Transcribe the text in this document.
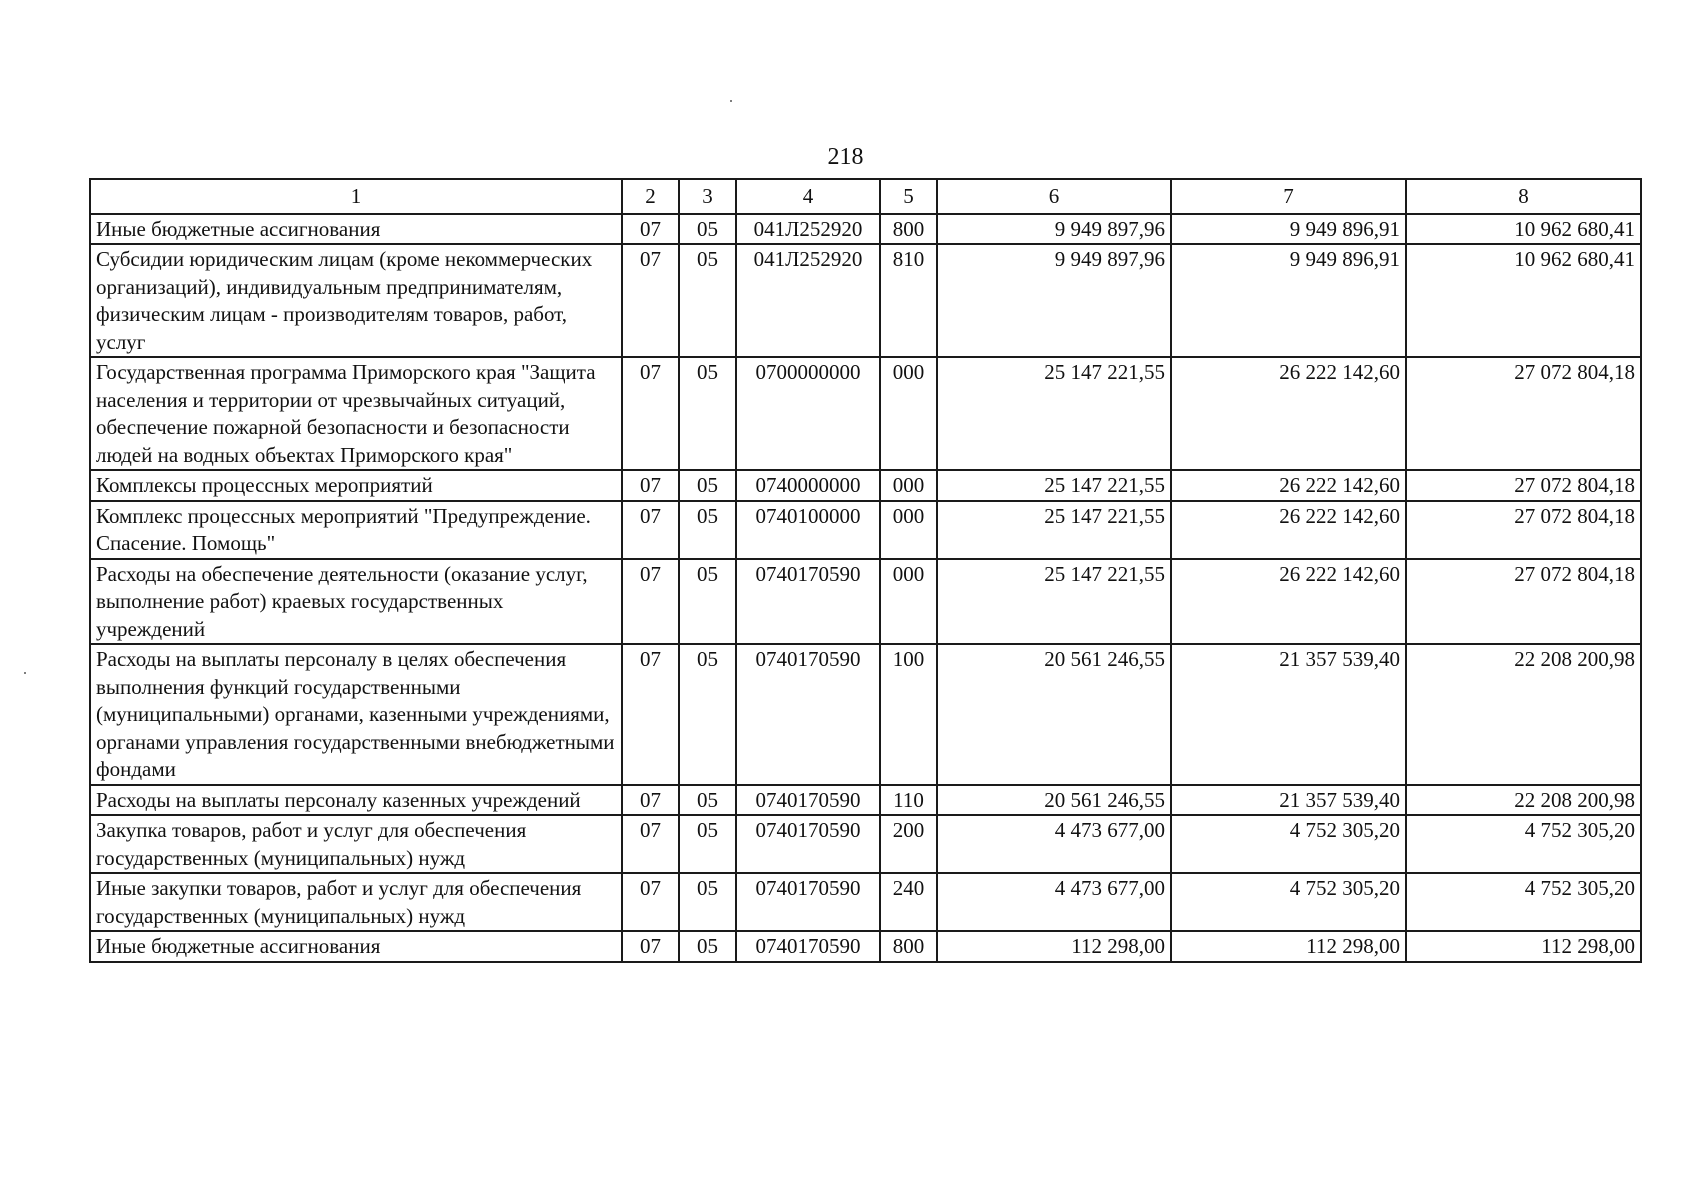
218
1	2	3	4	5	6	7	8
Иные бюджетные ассигнования	07	05	041Л252920	800	9 949 897,96	9 949 896,91	10 962 680,41
Субсидии юридическим лицам (кроме некоммерческих организаций), индивидуальным предпринимателям, физическим лицам - производителям товаров, работ, услуг	07	05	041Л252920	810	9 949 897,96	9 949 896,91	10 962 680,41
Государственная программа Приморского края "Защита населения и территории от чрезвычайных ситуаций, обеспечение пожарной безопасности и безопасности людей на водных объектах Приморского края"	07	05	0700000000	000	25 147 221,55	26 222 142,60	27 072 804,18
Комплексы процессных мероприятий	07	05	0740000000	000	25 147 221,55	26 222 142,60	27 072 804,18
Комплекс процессных мероприятий "Предупреждение. Спасение. Помощь"	07	05	0740100000	000	25 147 221,55	26 222 142,60	27 072 804,18
Расходы на обеспечение деятельности (оказание услуг, выполнение работ) краевых государственных учреждений	07	05	0740170590	000	25 147 221,55	26 222 142,60	27 072 804,18
Расходы на выплаты персоналу в целях обеспечения выполнения функций государственными (муниципальными) органами, казенными учреждениями, органами управления государственными внебюджетными фондами	07	05	0740170590	100	20 561 246,55	21 357 539,40	22 208 200,98
Расходы на выплаты персоналу казенных учреждений	07	05	0740170590	110	20 561 246,55	21 357 539,40	22 208 200,98
Закупка товаров, работ и услуг для обеспечения государственных (муниципальных) нужд	07	05	0740170590	200	4 473 677,00	4 752 305,20	4 752 305,20
Иные закупки товаров, работ и услуг для обеспечения государственных (муниципальных) нужд	07	05	0740170590	240	4 473 677,00	4 752 305,20	4 752 305,20
Иные бюджетные ассигнования	07	05	0740170590	800	112 298,00	112 298,00	112 298,00
